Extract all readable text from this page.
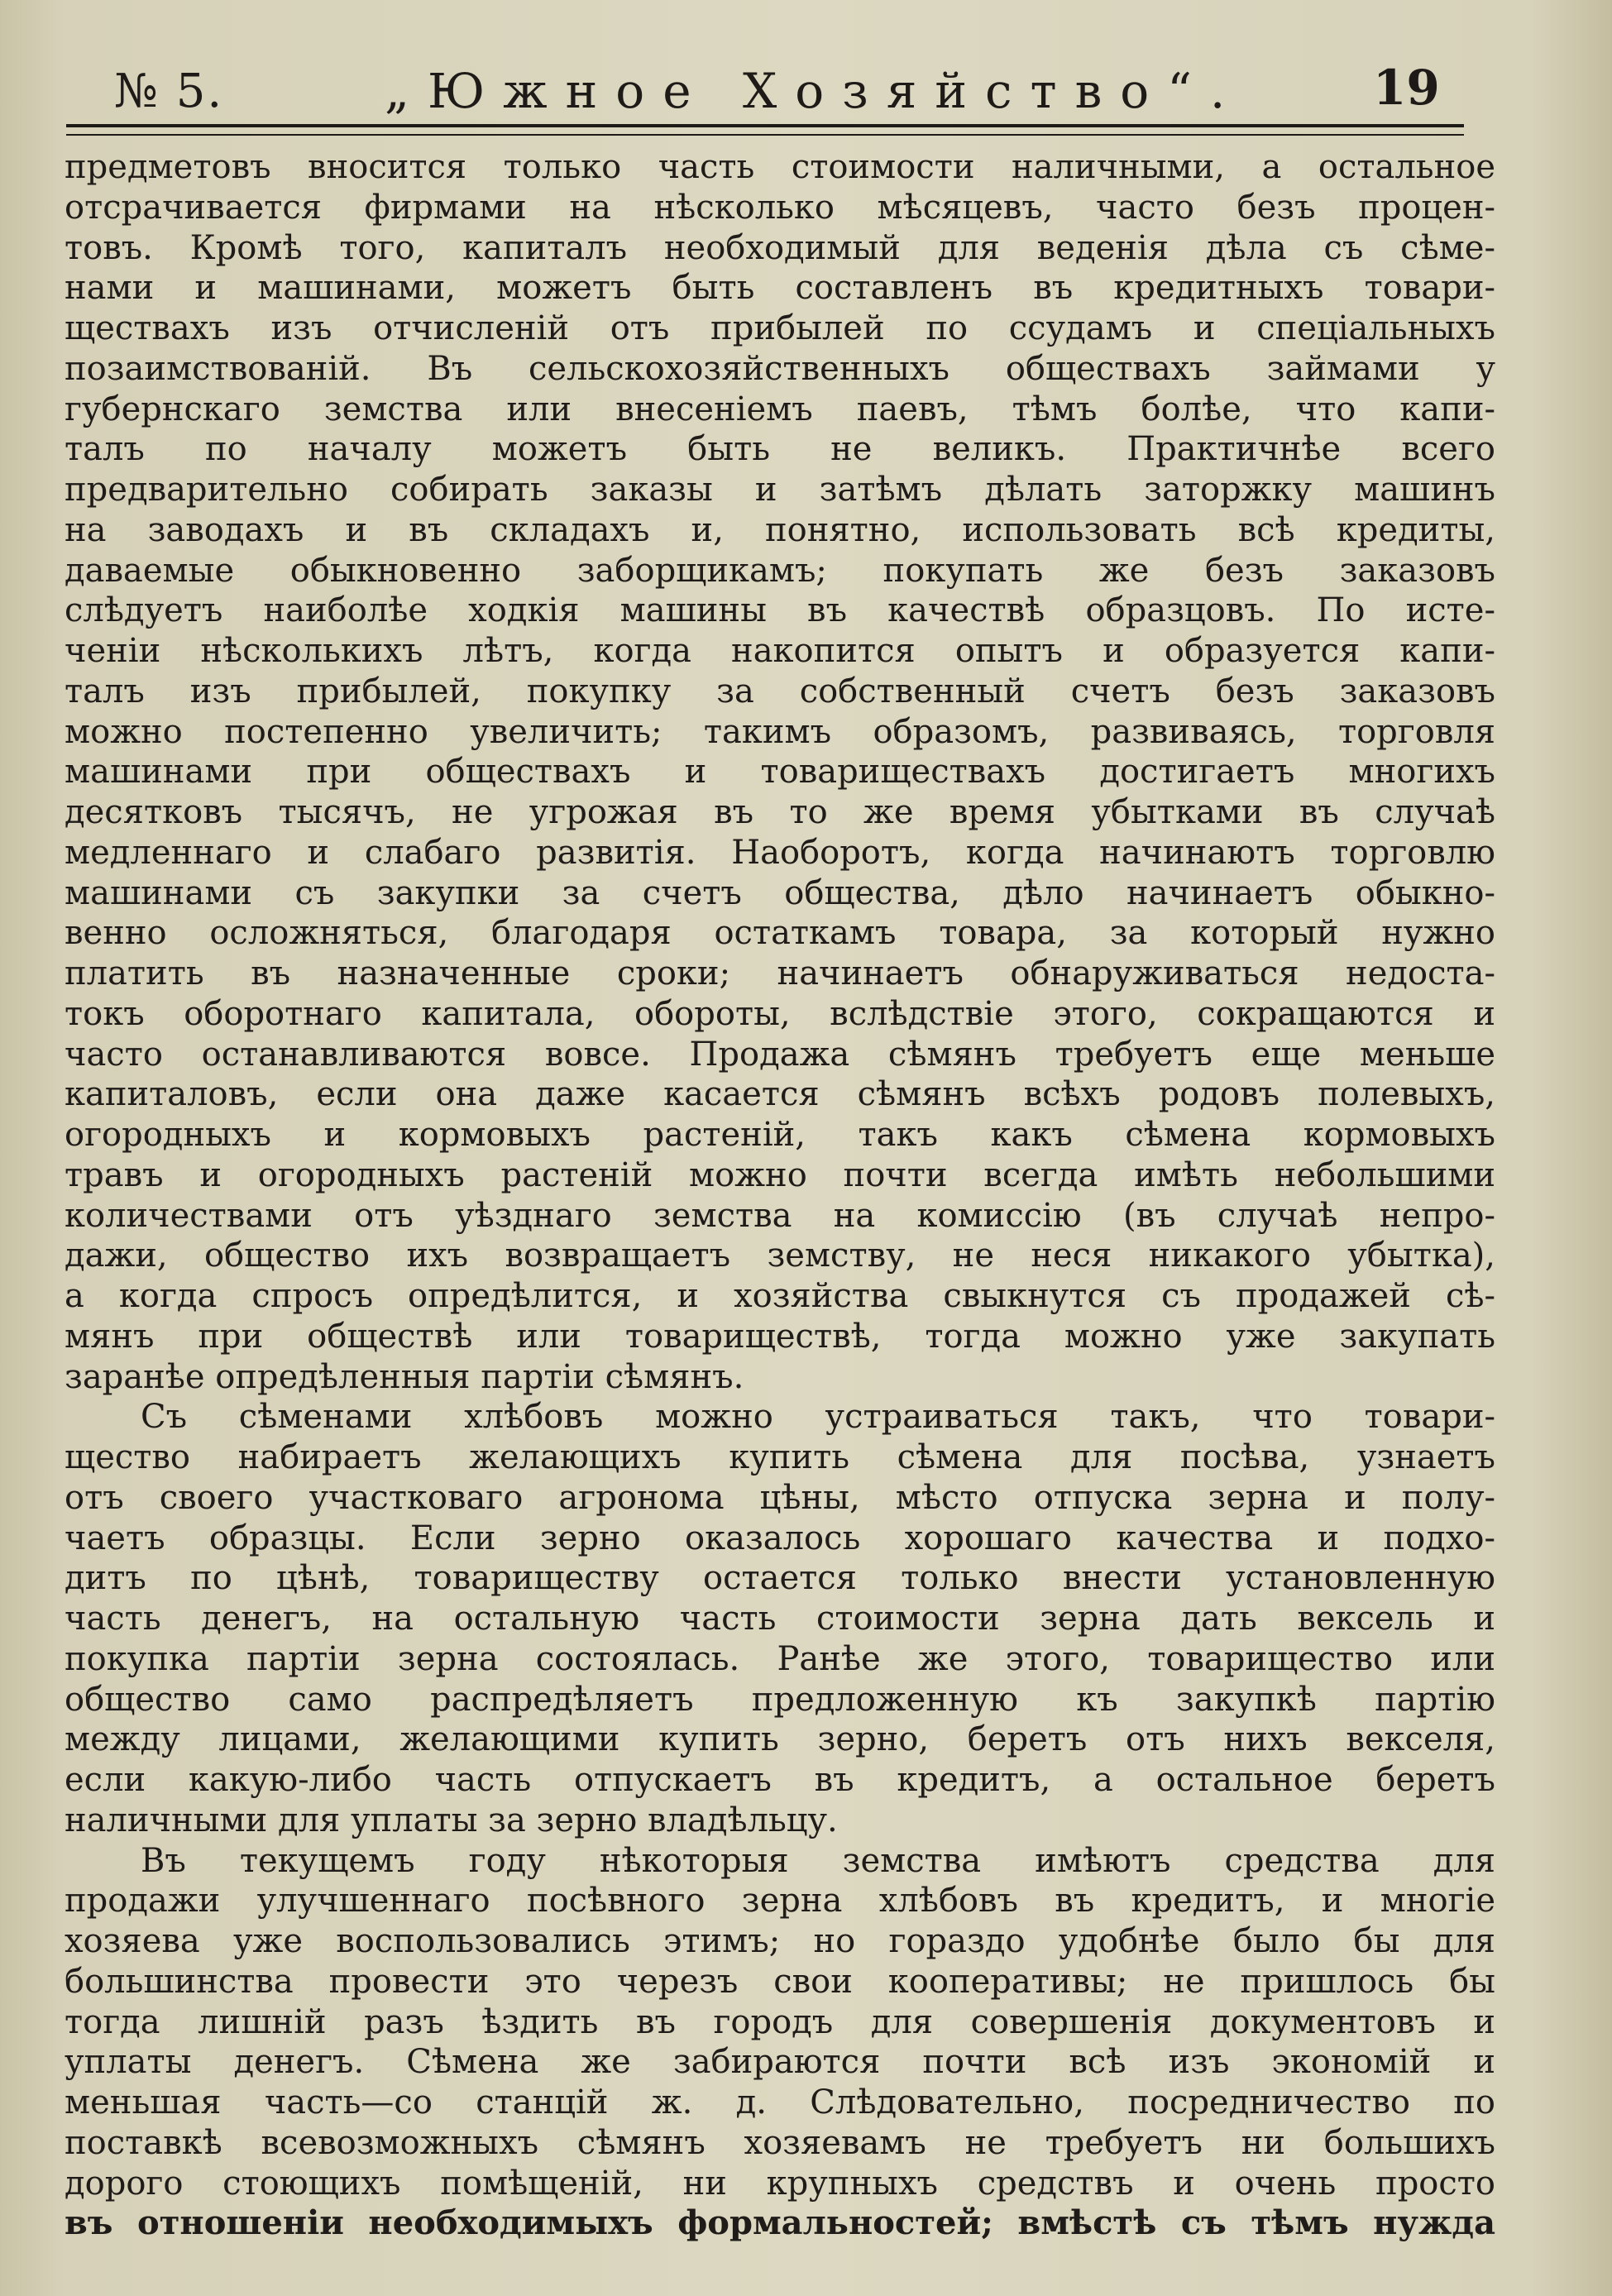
№ 5.	„Южное Хозяйство“.	19
предметовъ вносится только часть стоимости наличными, а остальное
отсрачивается фирмами на нѣсколько мѣсяцевъ, часто безъ процен-
товъ. Кромѣ того, капиталъ необходимый для веденія дѣла съ сѣме-
нами и машинами, можетъ быть составленъ въ кредитныхъ товари-
ществахъ изъ отчисленій отъ прибылей по ссудамъ и спеціальныхъ
позаимствованій. Въ сельскохозяйственныхъ обществахъ займами у
губернскаго земства или внесеніемъ паевъ, тѣмъ болѣе, что капи-
талъ по началу можетъ быть не великъ. Практичнѣе всего
предварительно собирать заказы и затѣмъ дѣлать заторжку машинъ
на заводахъ и въ складахъ и, понятно, использовать всѣ кредиты,
даваемые обыкновенно заборщикамъ; покупать же безъ заказовъ
слѣдуетъ наиболѣе ходкія машины въ качествѣ образцовъ. По исте-
ченіи нѣсколькихъ лѣтъ, когда накопится опытъ и образуется капи-
талъ изъ прибылей, покупку за собственный счетъ безъ заказовъ
можно постепенно увеличить; такимъ образомъ, развиваясь, торговля
машинами при обществахъ и товариществахъ достигаетъ многихъ
десятковъ тысячъ, не угрожая въ то же время убытками въ случаѣ
медленнаго и слабаго развитія. Наоборотъ, когда начинаютъ торговлю
машинами съ закупки за счетъ общества, дѣло начинаетъ обыкно-
венно осложняться, благодаря остаткамъ товара, за который нужно
платить въ назначенные сроки; начинаетъ обнаруживаться недоста-
токъ оборотнаго капитала, обороты, вслѣдствіе этого, сокращаются и
часто останавливаются вовсе. Продажа сѣмянъ требуетъ еще меньше
капиталовъ, если она даже касается сѣмянъ всѣхъ родовъ полевыхъ,
огородныхъ и кормовыхъ растеній, такъ какъ сѣмена кормовыхъ
травъ и огородныхъ растеній можно почти всегда имѣть небольшими
количествами отъ уѣзднаго земства на комиссію (въ случаѣ непро-
дажи, общество ихъ возвращаетъ земству, не неся никакого убытка),
а когда спросъ опредѣлится, и хозяйства свыкнутся съ продажей сѣ-
мянъ при обществѣ или товариществѣ, тогда можно уже закупать
заранѣе опредѣленныя партіи сѣмянъ.
Съ сѣменами хлѣбовъ можно устраиваться такъ, что товари-
щество набираетъ желающихъ купить сѣмена для посѣва, узнаетъ
отъ своего участковаго агронома цѣны, мѣсто отпуска зерна и полу-
чаетъ образцы. Если зерно оказалось хорошаго качества и подхо-
дитъ по цѣнѣ, товариществу остается только внести установленную
часть денегъ, на остальную часть стоимости зерна дать вексель и
покупка партіи зерна состоялась. Ранѣе же этого, товарищество или
общество само распредѣляетъ предложенную къ закупкѣ партію
между лицами, желающими купить зерно, беретъ отъ нихъ векселя,
если какую-либо часть отпускаетъ въ кредитъ, а остальное беретъ
наличными для уплаты за зерно владѣльцу.
Въ текущемъ году нѣкоторыя земства имѣютъ средства для
продажи улучшеннаго посѣвного зерна хлѣбовъ въ кредитъ, и многіе
хозяева уже воспользовались этимъ; но гораздо удобнѣе было бы для
большинства провести это черезъ свои кооперативы; не пришлось бы
тогда лишній разъ ѣздить въ городъ для совершенія документовъ и
уплаты денегъ. Сѣмена же забираются почти всѣ изъ экономій и
меньшая часть—со станцій ж. д. Слѣдовательно, посредничество по
поставкѣ всевозможныхъ сѣмянъ хозяевамъ не требуетъ ни большихъ
дорого стоющихъ помѣщеній, ни крупныхъ средствъ и очень просто
въ отношеніи необходимыхъ формальностей; вмѣстѣ съ тѣмъ нужда
